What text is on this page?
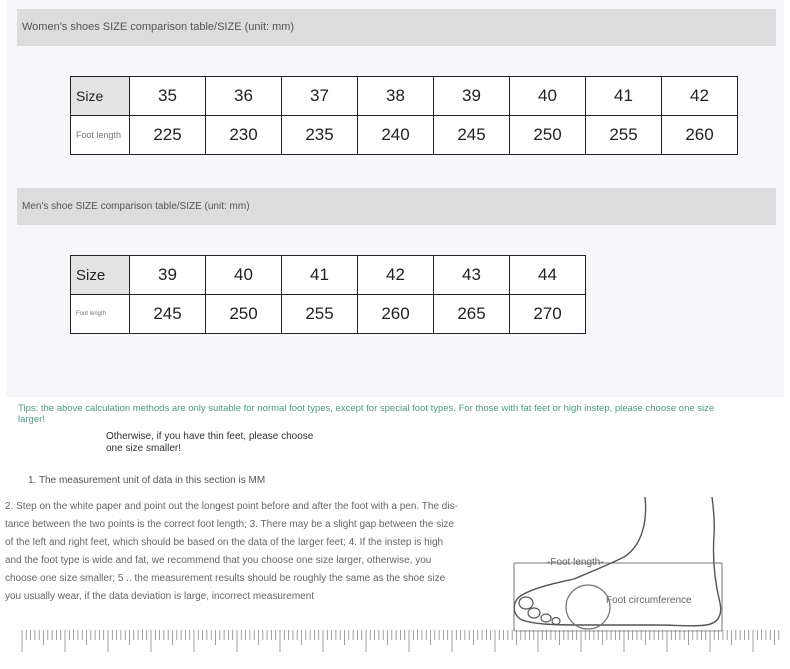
Women's shoes SIZE comparison table/SIZE (unit: mm)
Size	35	36	37	38	39	40	41	42
Foot length	225	230	235	240	245	250	255	260
Men's shoe SIZE comparison table/SIZE (unit: mm)
Size	39	40	41	42	43	44
Foot length	245	250	255	260	265	270
Tips: the above calculation methods are only suitable for normal foot types, except for special foot types. For those with fat feet or high instep, please choose one size larger!
Otherwise, if you have thin feet, please choose one size smaller!
1. The measurement unit of data in this section is MM
2. Step on the white paper and point out the longest point before and after the foot with a pen. The dis-
tance between the two points is the correct foot length; 3. There may be a slight gap between the size
of the left and right feet, which should be based on the data of the larger feet; 4. If the instep is high
and the foot type is wide and fat, we recommend that you choose one size larger, otherwise, you
choose one size smaller; 5 .. the measurement results should be roughly the same as the shoe size
you usually wear, if the data deviation is large, incorrect measurement
-Foot length-
Foot circumference
